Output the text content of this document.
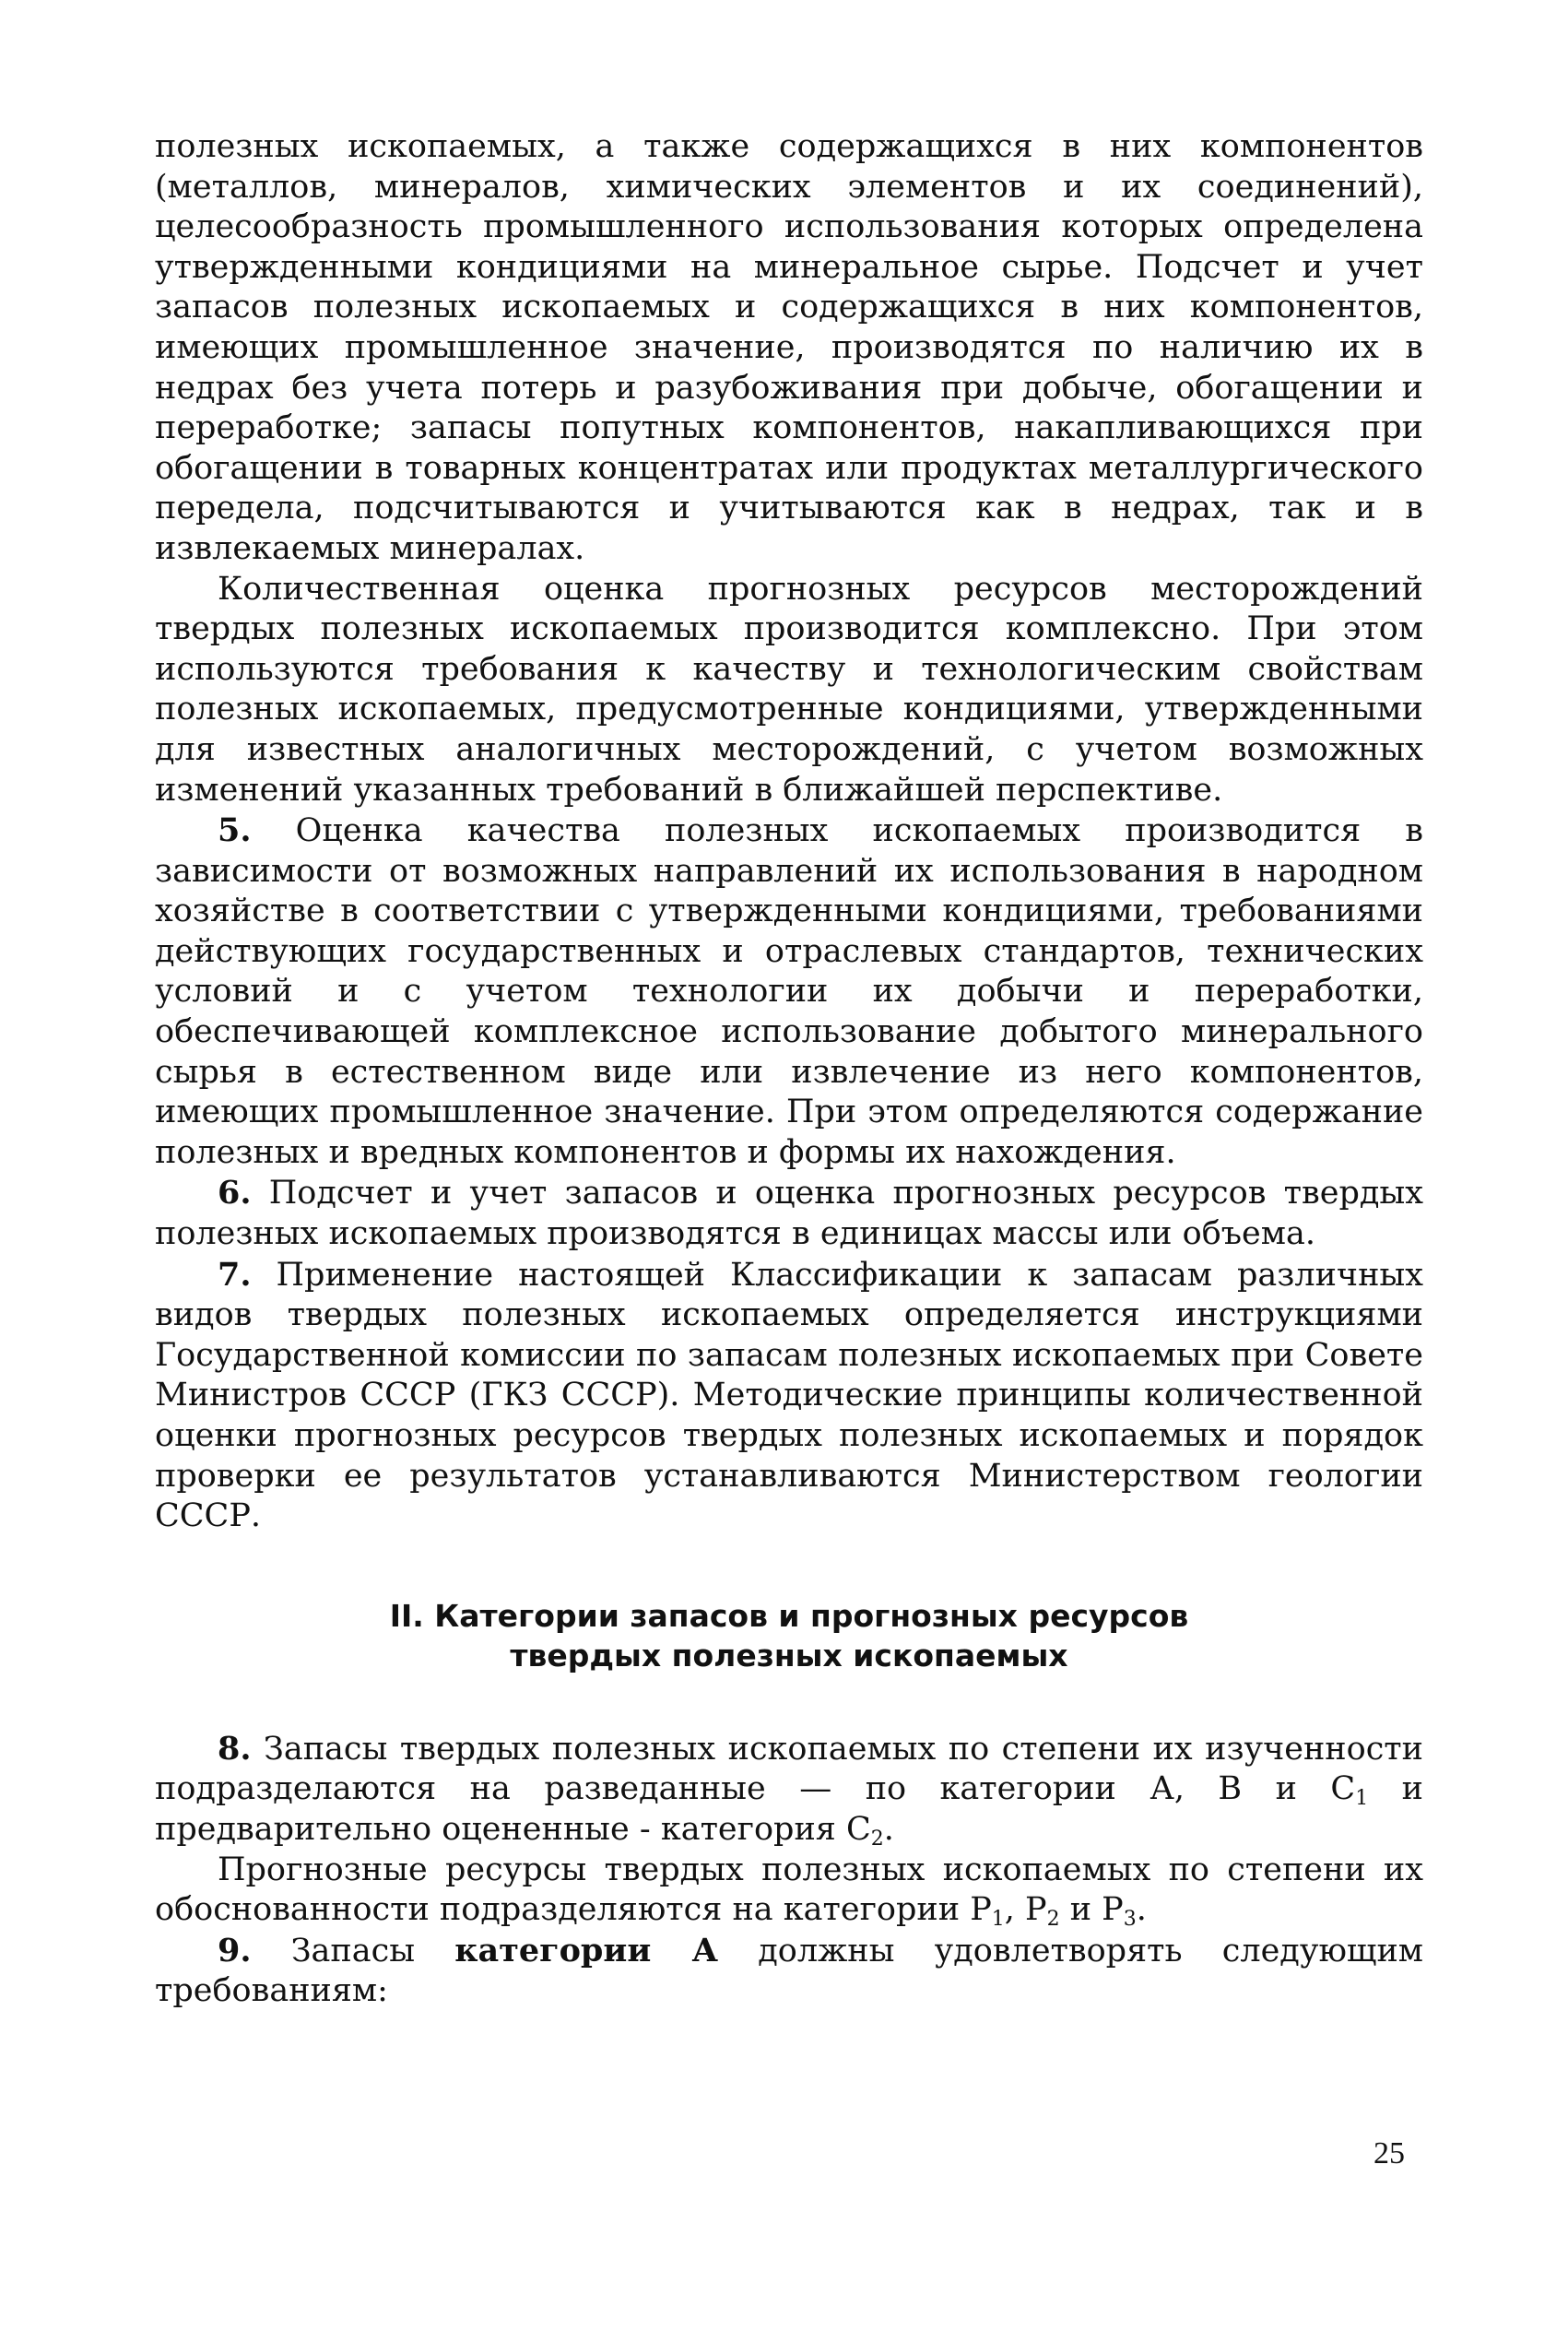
полезных ископаемых, а также содержащихся в них компонентов (металлов, минералов, химических элементов и их соединений), целесообразность промышленного использования которых определена утвержденными кондициями на минеральное сырье. Подсчет и учет запасов полезных ископаемых и содержащихся в них компонентов, имеющих промышленное значение, производятся по наличию их в недрах без учета потерь и разубоживания при добыче, обогащении и переработке; запасы попутных компонентов, накапливающихся при обогащении в товарных концентратах или продуктах металлургического передела, подсчитываются и учитываются как в недрах, так и в извлекаемых минералах.

Количественная оценка прогнозных ресурсов месторождений твердых полезных ископаемых производится комплексно. При этом используются требования к качеству и технологическим свойствам полезных ископаемых, предусмотренные кондициями, утвержденными для известных аналогичных месторождений, с учетом возможных изменений указанных требований в ближайшей перспективе.

5. Оценка качества полезных ископаемых производится в зависимости от возможных направлений их использования в народном хозяйстве в соответствии с утвержденными кондициями, требованиями действующих государственных и отраслевых стандартов, технических условий и с учетом технологии их добычи и переработки, обеспечивающей комплексное использование добытого минерального сырья в естественном виде или извлечение из него компонентов, имеющих промышленное значение. При этом определяются содержание полезных и вредных компонентов и формы их нахождения.

6. Подсчет и учет запасов и оценка прогнозных ресурсов твердых полезных ископаемых производятся в единицах массы или объема.

7. Применение настоящей Классификации к запасам различных видов твердых полезных ископаемых определяется инструкциями Государственной комиссии по запасам полезных ископаемых при Совете Министров СССР (ГКЗ СССР). Методические принципы количественной оценки прогнозных ресурсов твердых полезных ископаемых и порядок проверки ее результатов устанавливаются Министерством геологии СССР.

II. Категории запасов и прогнозных ресурсов
твердых полезных ископаемых

8. Запасы твердых полезных ископаемых по степени их изученности подразделаются на разведанные — по категории А, В и $С_1$ и предварительно оцененные - категория $С_2$.

Прогнозные ресурсы твердых полезных ископаемых по степени их обоснованности подразделяются на категории $Р_1$, $Р_2$ и $Р_3$.

9. Запасы категории А должны удовлетворять следующим требованиям:

25
